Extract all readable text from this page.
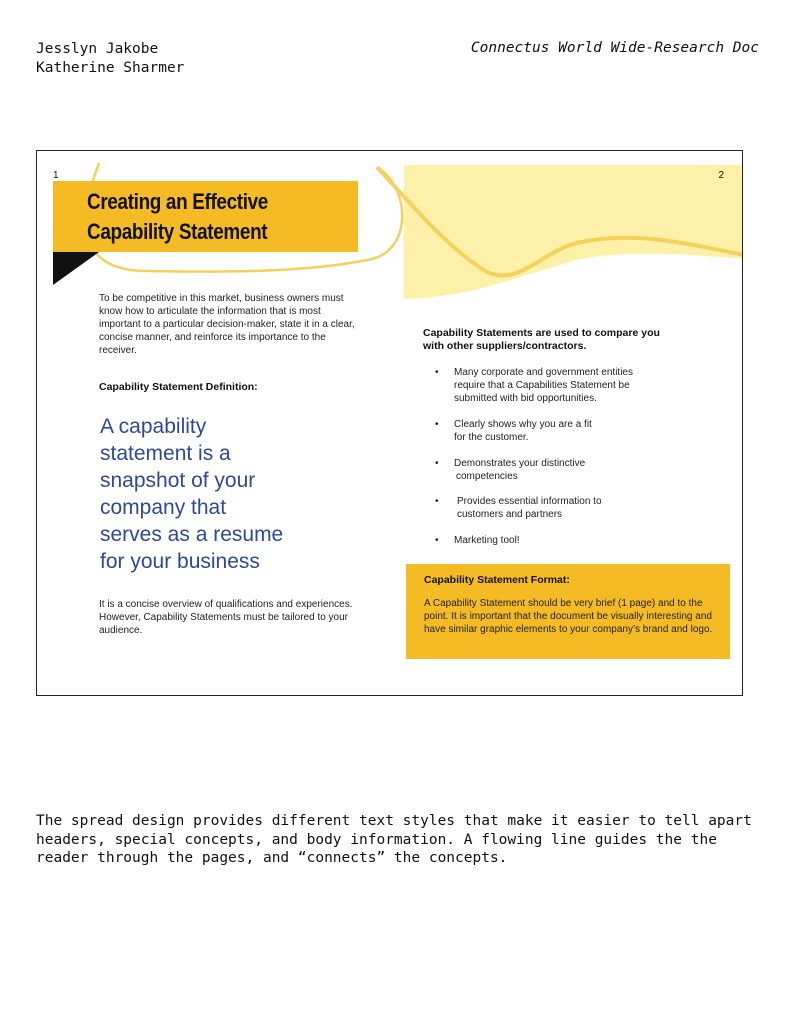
Jesslyn Jakobe
Katherine Sharmer
Connectus World Wide-Research Doc
1	2
Creating an Effective
Capability Statement
To be competitive in this market, business owners must know how to articulate the information that is most important to a particular decision-maker, state it in a clear, concise manner, and reinforce its importance to the receiver.
Capability Statement Definition:
A capability
statement is a
snapshot of your
company that
serves as a resume
for your business
It is a concise overview of qualifications and experiences. However, Capability Statements must be tailored to your audience.
Capability Statements are used to compare you with other suppliers/contractors.
• Many corporate and government entities
require that a Capabilities Statement be
submitted with bid opportunities.
• Clearly shows why you are a fit
for the customer.
• Demonstrates your distinctive
competencies
• Provides essential information to
customers and partners
• Marketing tool!
Capability Statement Format:
A Capability Statement should be very brief (1 page) and to the point. It is important that the document be visually interesting and have similar graphic elements to your company’s brand and logo.
The spread design provides different text styles that make it easier to tell apart headers, special concepts, and body information. A flowing line guides the the reader through the pages, and “connects” the concepts.
